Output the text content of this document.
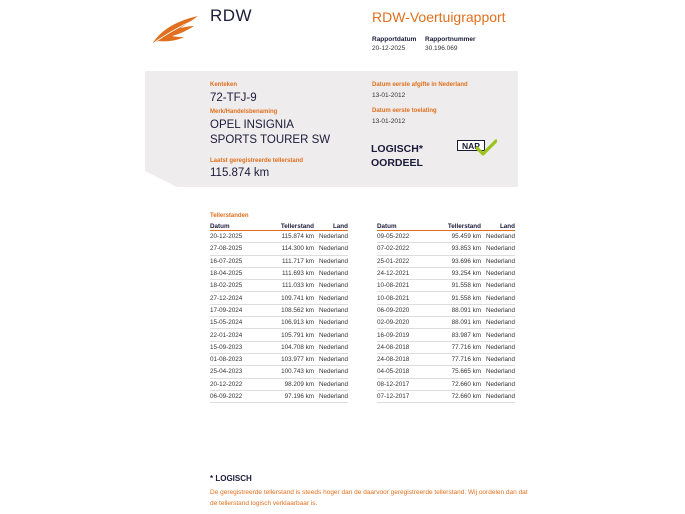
RDW	RDW-Voertuigrapport
Rapportdatum
20-12-2025
Rapportnummer
30.196.069
Kenteken
72-TFJ-9
Merk/Handelsbenaming
OPEL INSIGNIA
SPORTS TOURER SW
Laatst geregistreerde tellerstand
115.874 km
Datum eerste afgifte in Nederland
13-01-2012
Datum eerste toelating
13-01-2012
LOGISCH*
OORDEEL
NAP
Tellerstanden
Datum	Tellerstand	Land
20-12-2025	115.874 km	Nederland
27-08-2025	114.300 km	Nederland
16-07-2025	111.717 km	Nederland
18-04-2025	111.693 km	Nederland
18-02-2025	111.033 km	Nederland
27-12-2024	109.741 km	Nederland
17-09-2024	108.562 km	Nederland
15-05-2024	106.913 km	Nederland
22-01-2024	105.791 km	Nederland
15-09-2023	104.708 km	Nederland
01-08-2023	103.977 km	Nederland
25-04-2023	100.743 km	Nederland
20-12-2022	98.209 km	Nederland
06-09-2022	97.196 km	Nederland
Datum	Tellerstand	Land
09-05-2022	95.459 km	Nederland
07-02-2022	93.853 km	Nederland
25-01-2022	93.696 km	Nederland
24-12-2021	93.254 km	Nederland
10-08-2021	91.558 km	Nederland
10-08-2021	91.558 km	Nederland
06-09-2020	88.091 km	Nederland
02-09-2020	88.091 km	Nederland
16-09-2019	83.987 km	Nederland
24-08-2018	77.716 km	Nederland
24-08-2018	77.716 km	Nederland
04-05-2018	75.665 km	Nederland
08-12-2017	72.660 km	Nederland
07-12-2017	72.660 km	Nederland
* LOGISCH
De geregistreerde tellerstand is steeds hoger dan de daarvoor geregistreerde tellerstand. Wij oordelen dan dat de tellerstand logisch verklaarbaar is.
